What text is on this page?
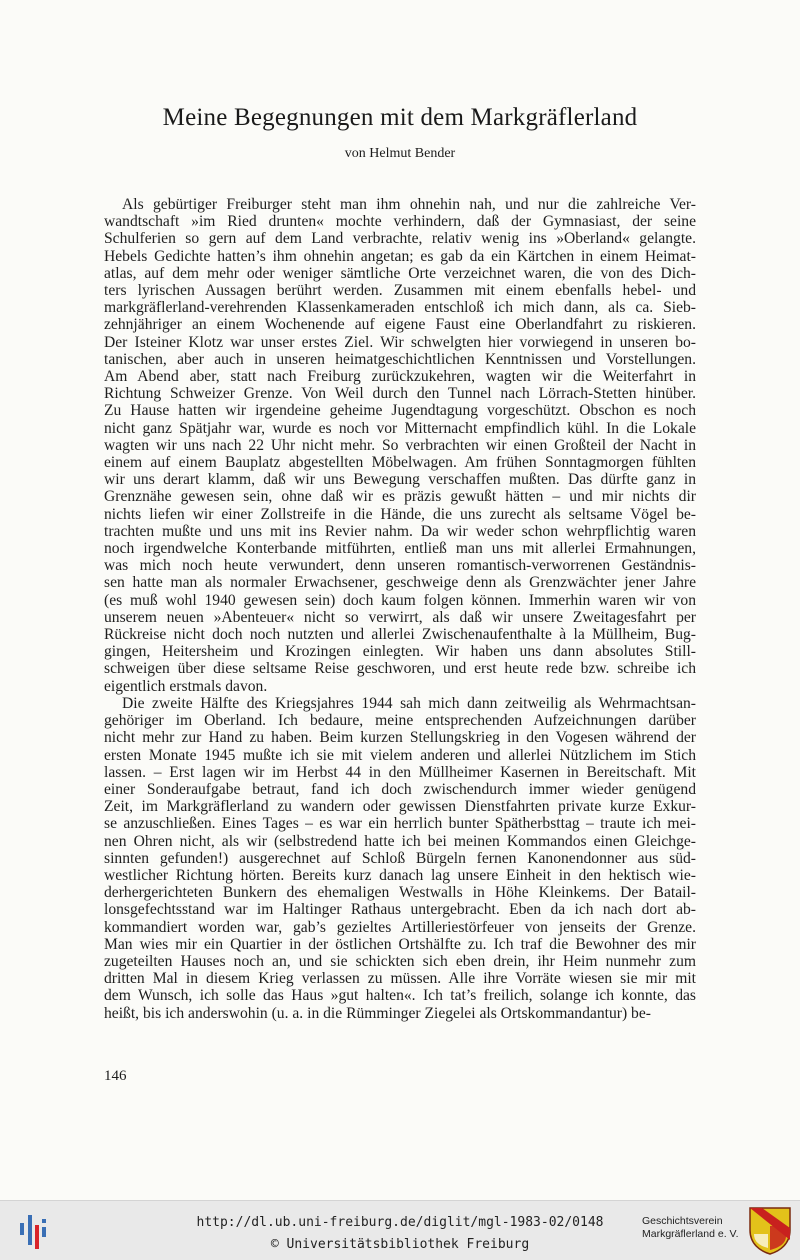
Meine Begegnungen mit dem Markgräflerland
von Helmut Bender

Als gebürtiger Freiburger steht man ihm ohnehin nah, und nur die zahlreiche Ver-

wandtschaft »im Ried drunten« mochte verhindern, daß der Gymnasiast, der seine

Schulferien so gern auf dem Land verbrachte, relativ wenig ins »Oberland« gelangte.

Hebels Gedichte hatten’s ihm ohnehin angetan; es gab da ein Kärtchen in einem Heimat-

atlas, auf dem mehr oder weniger sämtliche Orte verzeichnet waren, die von des Dich-

ters lyrischen Aussagen berührt werden. Zusammen mit einem ebenfalls hebel- und

markgräflerland-verehrenden Klassenkameraden entschloß ich mich dann, als ca. Sieb-

zehnjähriger an einem Wochenende auf eigene Faust eine Oberlandfahrt zu riskieren.

Der Isteiner Klotz war unser erstes Ziel. Wir schwelgten hier vorwiegend in unseren bo-

tanischen, aber auch in unseren heimatgeschichtlichen Kenntnissen und Vorstellungen.

Am Abend aber, statt nach Freiburg zurückzukehren, wagten wir die Weiterfahrt in

Richtung Schweizer Grenze. Von Weil durch den Tunnel nach Lörrach-Stetten hinüber.

Zu Hause hatten wir irgendeine geheime Jugendtagung vorgeschützt. Obschon es noch

nicht ganz Spätjahr war, wurde es noch vor Mitternacht empfindlich kühl. In die Lokale

wagten wir uns nach 22 Uhr nicht mehr. So verbrachten wir einen Großteil der Nacht in

einem auf einem Bauplatz abgestellten Möbelwagen. Am frühen Sonntagmorgen fühlten

wir uns derart klamm, daß wir uns Bewegung verschaffen mußten. Das dürfte ganz in

Grenznähe gewesen sein, ohne daß wir es präzis gewußt hätten – und mir nichts dir

nichts liefen wir einer Zollstreife in die Hände, die uns zurecht als seltsame Vögel be-

trachten mußte und uns mit ins Revier nahm. Da wir weder schon wehrpflichtig waren

noch irgendwelche Konterbande mitführten, entließ man uns mit allerlei Ermahnungen,

was mich noch heute verwundert, denn unseren romantisch-verworrenen Geständnis-

sen hatte man als normaler Erwachsener, geschweige denn als Grenzwächter jener Jahre

(es muß wohl 1940 gewesen sein) doch kaum folgen können. Immerhin waren wir von

unserem neuen »Abenteuer« nicht so verwirrt, als daß wir unsere Zweitagesfahrt per

Rückreise nicht doch noch nutzten und allerlei Zwischenaufenthalte à la Müllheim, Bug-

gingen, Heitersheim und Krozingen einlegten. Wir haben uns dann absolutes Still-

schweigen über diese seltsame Reise geschworen, und erst heute rede bzw. schreibe ich

eigentlich erstmals davon.

Die zweite Hälfte des Kriegsjahres 1944 sah mich dann zeitweilig als Wehrmachtsan-

gehöriger im Oberland. Ich bedaure, meine entsprechenden Aufzeichnungen darüber

nicht mehr zur Hand zu haben. Beim kurzen Stellungskrieg in den Vogesen während der

ersten Monate 1945 mußte ich sie mit vielem anderen und allerlei Nützlichem im Stich

lassen. – Erst lagen wir im Herbst 44 in den Müllheimer Kasernen in Bereitschaft. Mit

einer Sonderaufgabe betraut, fand ich doch zwischendurch immer wieder genügend

Zeit, im Markgräflerland zu wandern oder gewissen Dienstfahrten private kurze Exkur-

se anzuschließen. Eines Tages – es war ein herrlich bunter Spätherbsttag – traute ich mei-

nen Ohren nicht, als wir (selbstredend hatte ich bei meinen Kommandos einen Gleichge-

sinnten gefunden!) ausgerechnet auf Schloß Bürgeln fernen Kanonendonner aus süd-

westlicher Richtung hörten. Bereits kurz danach lag unsere Einheit in den hektisch wie-

derhergerichteten Bunkern des ehemaligen Westwalls in Höhe Kleinkems. Der Batail-

lonsgefechtsstand war im Haltinger Rathaus untergebracht. Eben da ich nach dort ab-

kommandiert worden war, gab’s gezieltes Artilleriestörfeuer von jenseits der Grenze.

Man wies mir ein Quartier in der östlichen Ortshälfte zu. Ich traf die Bewohner des mir

zugeteilten Hauses noch an, und sie schickten sich eben drein, ihr Heim nunmehr zum

dritten Mal in diesem Krieg verlassen zu müssen. Alle ihre Vorräte wiesen sie mir mit

dem Wunsch, ich solle das Haus »gut halten«. Ich tat’s freilich, solange ich konnte, das

heißt, bis ich anderswohin (u. a. in die Rümminger Ziegelei als Ortskommandantur) be-

146
http://dl.ub.uni-freiburg.de/diglit/mgl-1983-02/0148
© Universitätsbibliothek Freiburg
Geschichtsverein
Markgräflerland e. V.
